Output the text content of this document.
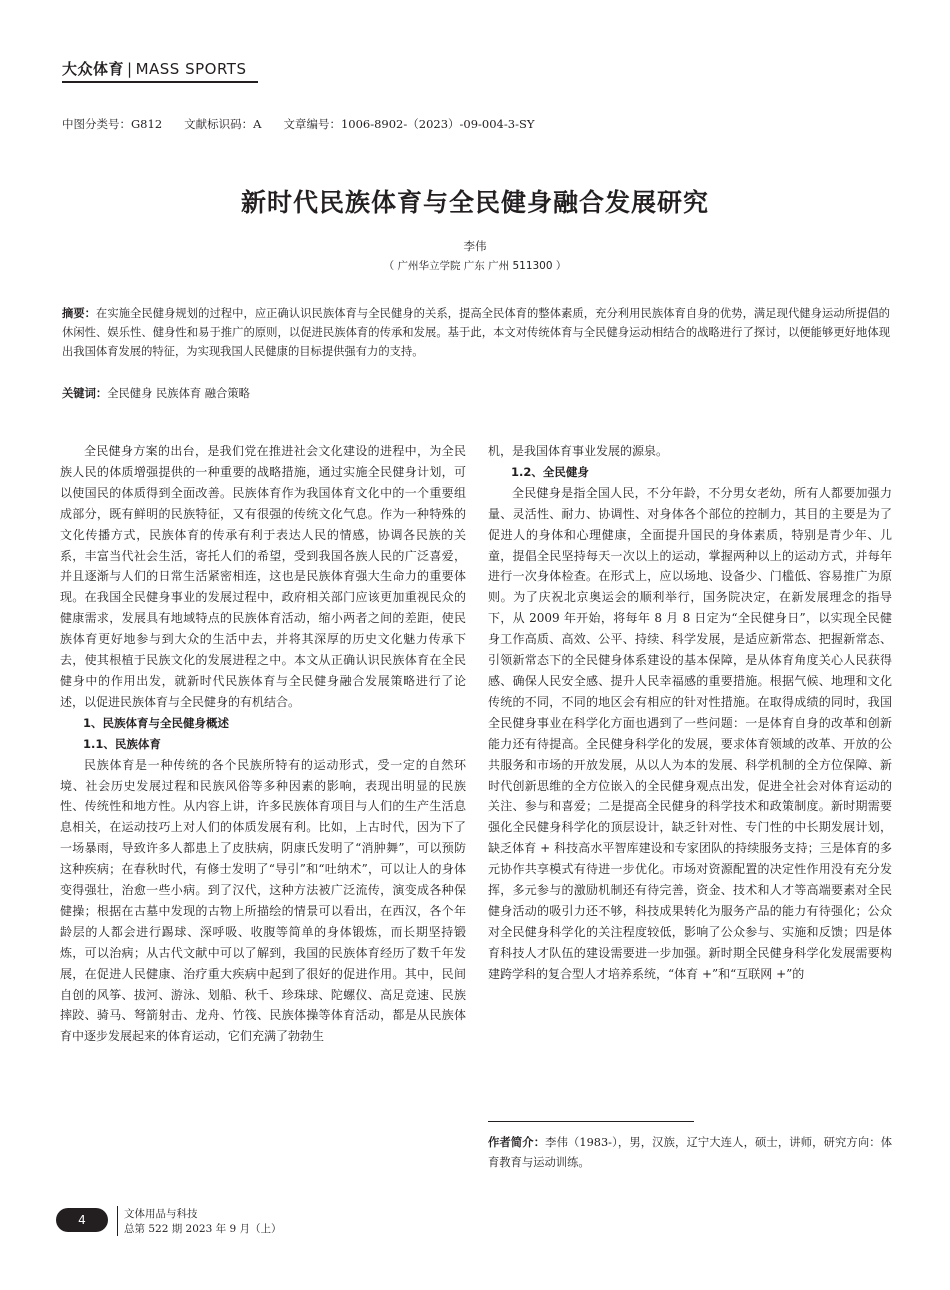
大众体育 | MASS SPORTS
中图分类号：G812 文献标识码：A 文章编号：1006-8902-（2023）-09-004-3-SY
新时代民族体育与全民健身融合发展研究
李伟
（ 广州华立学院 广东 广州 511300 ）
摘要：在实施全民健身规划的过程中，应正确认识民族体育与全民健身的关系，提高全民体育的整体素质，充分利用民族体育自身的优势，满足现代健身运动所提倡的休闲性、娱乐性、健身性和易于推广的原则，以促进民族体育的传承和发展。基于此，本文对传统体育与全民健身运动相结合的战略进行了探讨，以便能够更好地体现出我国体育发展的特征，为实现我国人民健康的目标提供强有力的支持。
关键词：全民健身 民族体育 融合策略

全民健身方案的出台，是我们党在推进社会文化建设的进程中，为全民族人民的体质增强提供的一种重要的战略措施，通过实施全民健身计划，可以使国民的体质得到全面改善。民族体育作为我国体育文化中的一个重要组成部分，既有鲜明的民族特征，又有很强的传统文化气息。作为一种特殊的文化传播方式，民族体育的传承有利于表达人民的情感，协调各民族的关系，丰富当代社会生活，寄托人们的希望，受到我国各族人民的广泛喜爱，并且逐渐与人们的日常生活紧密相连，这也是民族体育强大生命力的重要体现。在我国全民健身事业的发展过程中，政府相关部门应该更加重视民众的健康需求，发展具有地域特点的民族体育活动，缩小两者之间的差距，使民族体育更好地参与到大众的生活中去，并将其深厚的历史文化魅力传承下去，使其根植于民族文化的发展进程之中。本文从正确认识民族体育在全民健身中的作用出发，就新时代民族体育与全民健身融合发展策略进行了论述，以促进民族体育与全民健身的有机结合。

1、民族体育与全民健身概述
1.1、民族体育

民族体育是一种传统的各个民族所特有的运动形式，受一定的自然环境、社会历史发展过程和民族风俗等多种因素的影响，表现出明显的民族性、传统性和地方性。从内容上讲，许多民族体育项目与人们的生产生活息息相关，在运动技巧上对人们的体质发展有利。比如，上古时代，因为下了一场暴雨，导致许多人都患上了皮肤病，阴康氏发明了“消肿舞”，可以预防这种疾病；在春秋时代，有修士发明了“导引”和“吐纳术”，可以让人的身体变得强壮，治愈一些小病。到了汉代，这种方法被广泛流传，演变成各种保健操；根据在古墓中发现的古物上所描绘的情景可以看出，在西汉，各个年龄层的人都会进行踢球、深呼吸、收腹等简单的身体锻炼，而长期坚持锻炼，可以治病；从古代文献中可以了解到，我国的民族体育经历了数千年发展，在促进人民健康、治疗重大疾病中起到了很好的促进作用。其中，民间自创的风筝、拔河、游泳、划船、秋千、珍珠球、陀螺仪、高足竞速、民族摔跤、骑马、弩箭射击、龙舟、竹筏、民族体操等体育活动，都是从民族体育中逐步发展起来的体育运动，它们充满了勃勃生

机，是我国体育事业发展的源泉。

1.2、全民健身

全民健身是指全国人民，不分年龄，不分男女老幼，所有人都要加强力量、灵活性、耐力、协调性、对身体各个部位的控制力，其目的主要是为了促进人的身体和心理健康，全面提升国民的身体素质，特别是青少年、儿童，提倡全民坚持每天一次以上的运动，掌握两种以上的运动方式，并每年进行一次身体检查。在形式上，应以场地、设备少、门槛低、容易推广为原则。为了庆祝北京奥运会的顺利举行，国务院决定，在新发展理念的指导下，从 2009 年开始，将每年 8 月 8 日定为“全民健身日”，以实现全民健身工作高质、高效、公平、持续、科学发展，是适应新常态、把握新常态、引领新常态下的全民健身体系建设的基本保障，是从体育角度关心人民获得感、确保人民安全感、提升人民幸福感的重要措施。根据气候、地理和文化传统的不同，不同的地区会有相应的针对性措施。在取得成绩的同时，我国全民健身事业在科学化方面也遇到了一些问题：一是体育自身的改革和创新能力还有待提高。全民健身科学化的发展，要求体育领域的改革、开放的公共服务和市场的开放发展，从以人为本的发展、科学机制的全方位保障、新时代创新思维的全方位嵌入的全民健身观点出发，促进全社会对体育运动的关注、参与和喜爱；二是提高全民健身的科学技术和政策制度。新时期需要强化全民健身科学化的顶层设计，缺乏针对性、专门性的中长期发展计划，缺乏体育 + 科技高水平智库建设和专家团队的持续服务支持；三是体育的多元协作共享模式有待进一步优化。市场对资源配置的决定性作用没有充分发挥，多元参与的激励机制还有待完善，资金、技术和人才等高端要素对全民健身活动的吸引力还不够，科技成果转化为服务产品的能力有待强化；公众对全民健身科学化的关注程度较低，影响了公众参与、实施和反馈；四是体育科技人才队伍的建设需要进一步加强。新时期全民健身科学化发展需要构建跨学科的复合型人才培养系统，“体育 +”和“互联网 +”的

作者简介：李伟（1983-），男，汉族，辽宁大连人，硕士，讲师，研究方向：体育教育与运动训练。
4	文体用品与科技
总第 522 期 2023 年 9 月（上）
